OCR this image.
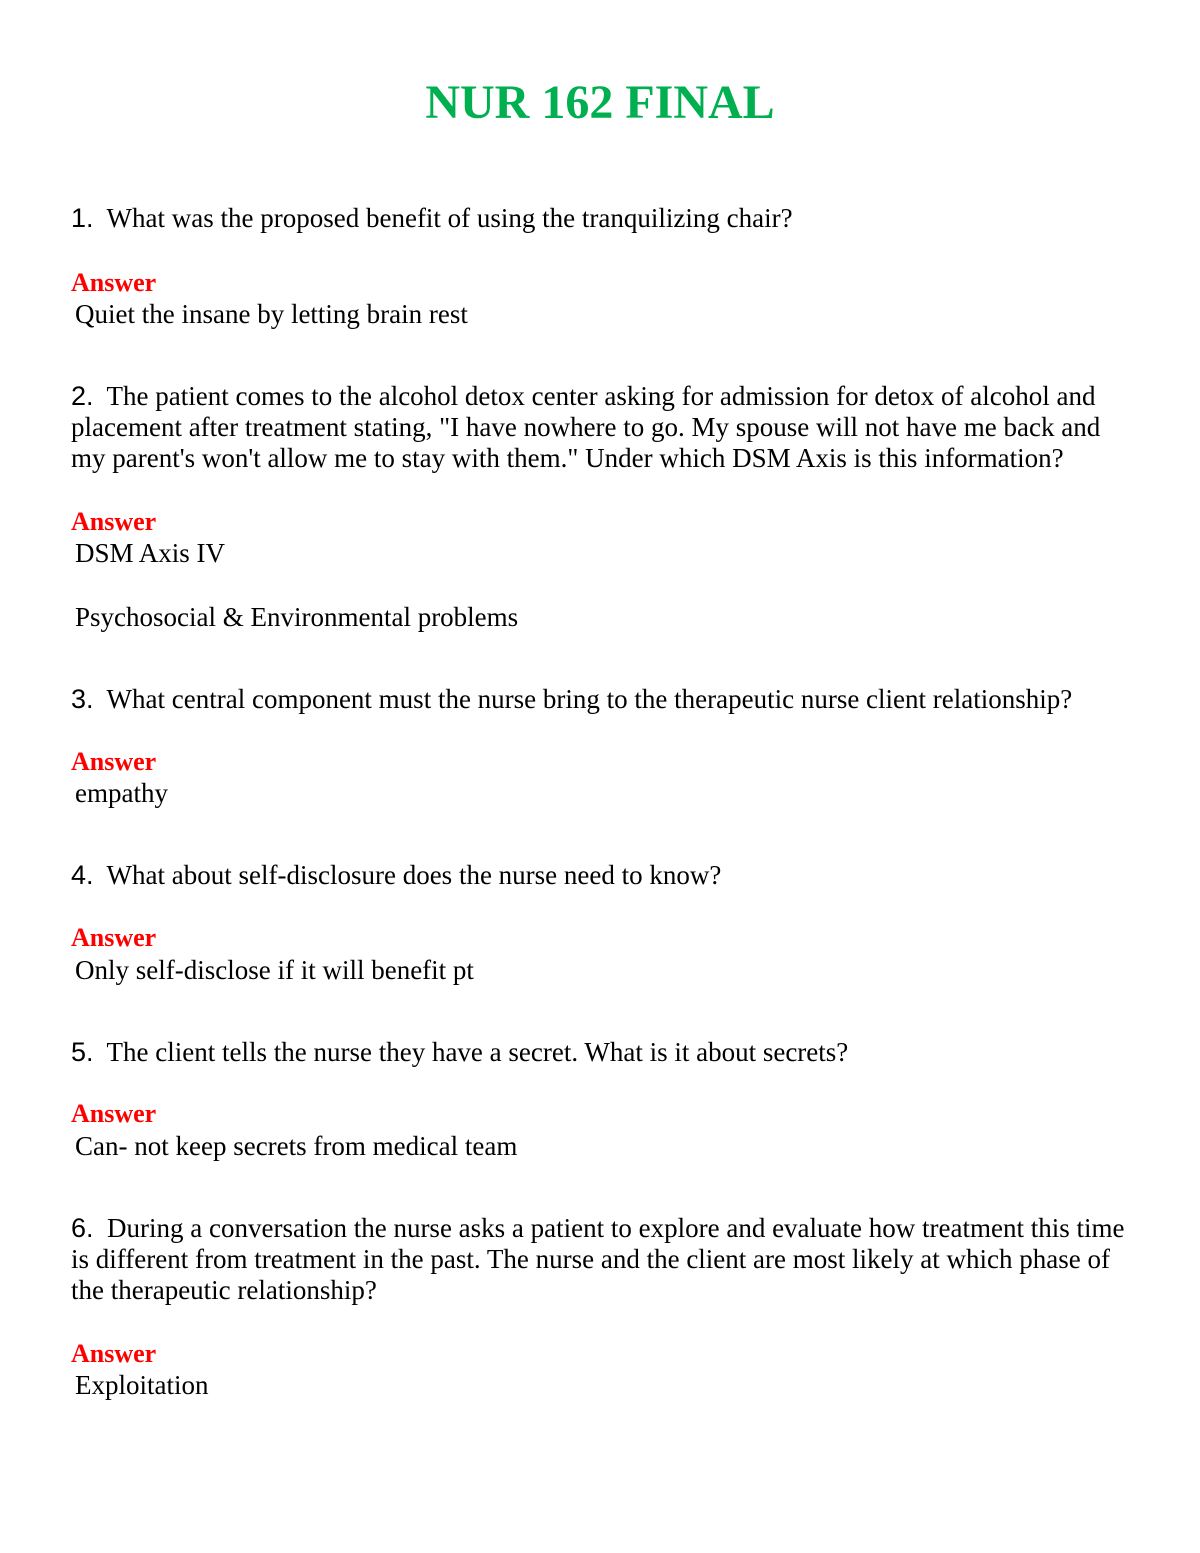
NUR 162 FINAL

1. What was the proposed benefit of using the tranquilizing chair?

Answer

Quiet the insane by letting brain rest

2. The patient comes to the alcohol detox center asking for admission for detox of alcohol and placement after treatment stating, "I have nowhere to go. My spouse will not have me back and my parent's won't allow me to stay with them." Under which DSM Axis is this information?

Answer

DSM Axis IV

Psychosocial & Environmental problems

3. What central component must the nurse bring to the therapeutic nurse client relationship?

Answer

empathy

4. What about self-disclosure does the nurse need to know?

Answer

Only self-disclose if it will benefit pt

5. The client tells the nurse they have a secret. What is it about secrets?

Answer

Can- not keep secrets from medical team

6. During a conversation the nurse asks a patient to explore and evaluate how treatment this time is different from treatment in the past. The nurse and the client are most likely at which phase of the therapeutic relationship?

Answer

Exploitation
